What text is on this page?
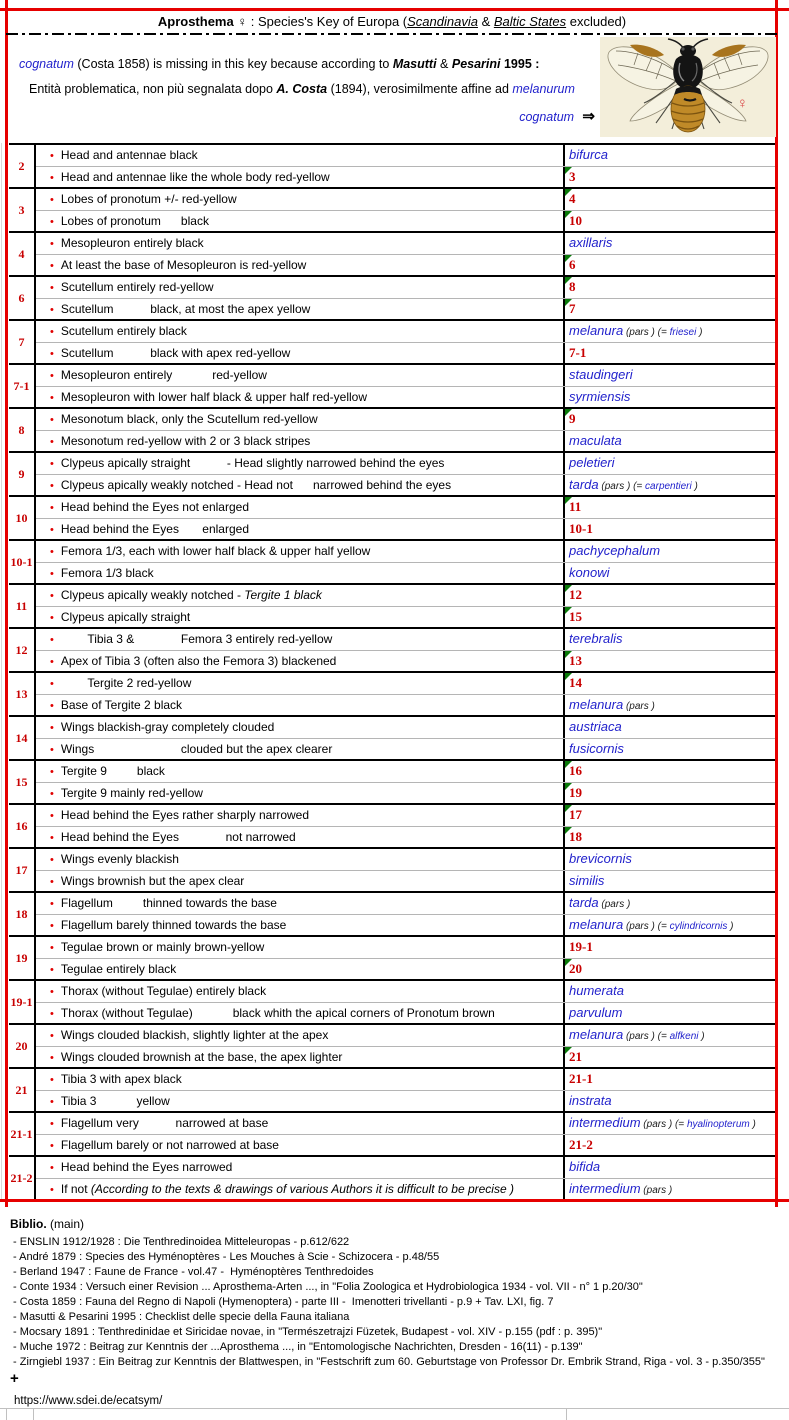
Aprosthema ♀ : Species's Key of Europa (Scandinavia & Baltic States excluded)
cognatum (Costa 1858) is missing in this key because according to Masutti & Pesarini 1995 :
Entità problematica, non più segnalata dopo A. Costa (1894), verosimilmente affine ad melanurum
cognatum  ⇒
♀
2
• Head and antennae black	bifurca
• Head and antennae like the whole body red-yellow	3
3
• Lobes of pronotum +/- red-yellow	4
• Lobes of pronotum      black	10
4
• Mesopleuron entirely black	axillaris
• At least the base of Mesopleuron is red-yellow	6
6
• Scutellum entirely red-yellow	8
• Scutellum           black, at most the apex yellow	7
7
• Scutellum entirely black	melanura (pars ) (= friesei )
• Scutellum           black with apex red-yellow	7-1
7-1
• Mesopleuron entirely            red-yellow	staudingeri
• Mesopleuron with lower half black & upper half red-yellow	syrmiensis
8
• Mesonotum black, only the Scutellum red-yellow	9
• Mesonotum red-yellow with 2 or 3 black stripes	maculata
9
• Clypeus apically straight           - Head slightly narrowed behind the eyes	peletieri
• Clypeus apically weakly notched - Head not      narrowed behind the eyes	tarda (pars ) (= carpentieri )
10
• Head behind the Eyes not enlarged	11
• Head behind the Eyes       enlarged	10-1
10-1
• Femora 1/3, each with lower half black & upper half yellow	pachycephalum
• Femora 1/3 black	konowi
11
• Clypeus apically weakly notched - Tergite 1 black	12
• Clypeus apically straight	15
12
•        Tibia 3 &              Femora 3 entirely red-yellow	terebralis
• Apex of Tibia 3 (often also the Femora 3) blackened	13
13
•        Tergite 2 red-yellow	14
• Base of Tergite 2 black	melanura (pars )
14
• Wings blackish-gray completely clouded	austriaca
• Wings                          clouded but the apex clearer	fusicornis
15
• Tergite 9         black	16
• Tergite 9 mainly red-yellow	19
16
• Head behind the Eyes rather sharply narrowed	17
• Head behind the Eyes              not narrowed	18
17
• Wings evenly blackish	brevicornis
• Wings brownish but the apex clear	similis
18
• Flagellum         thinned towards the base	tarda (pars )
• Flagellum barely thinned towards the base	melanura (pars ) (= cylindricornis )
19
• Tegulae brown or mainly brown-yellow	19-1
• Tegulae entirely black	20
19-1
• Thorax (without Tegulae) entirely black	humerata
• Thorax (without Tegulae)            black whith the apical corners of Pronotum brown	parvulum
20
• Wings clouded blackish, slightly lighter at the apex	melanura (pars ) (= alfkeni )
• Wings clouded brownish at the base, the apex lighter	21
21
• Tibia 3 with apex black	21-1
• Tibia 3            yellow	instrata
21-1
• Flagellum very           narrowed at base	intermedium (pars ) (= hyalinopterum )
• Flagellum barely or not narrowed at base	21-2
21-2
• Head behind the Eyes narrowed	bifida
• If not (According to the texts & drawings of various Authors it is difficult to be precise )	intermedium (pars )
Biblio. (main)
- ENSLIN 1912/1928 : Die Tenthredinoidea Mitteleuropas - p.612/622
- André 1879 : Species des Hyménoptères - Les Mouches à Scie - Schizocera - p.48/55
- Berland 1947 : Faune de France - vol.47 -  Hyménoptères Tenthredoides
- Conte 1934 : Versuch einer Revision ... Aprosthema-Arten ..., in "Folia Zoologica et Hydrobiologica 1934 - vol. VII - n° 1 p.20/30"
- Costa 1859 : Fauna del Regno di Napoli (Hymenoptera) - parte III -  Imenotteri trivellanti - p.9 + Tav. LXI, fig. 7
- Masutti & Pesarini 1995 : Checklist delle specie della Fauna italiana
- Mocsary 1891 : Tenthredinidae et Siricidae novae, in "Természetrajzi Füzetek, Budapest - vol. XIV - p.155 (pdf : p. 395)"
- Muche 1972 : Beitrag zur Kenntnis der ...Aprosthema ..., in "Entomologische Nachrichten, Dresden - 16(11) - p.139"
- Zirngiebl 1937 : Ein Beitrag zur Kenntnis der Blattwespen, in "Festschrift zum 60. Geburtstage von Professor Dr. Embrik Strand, Riga - vol. 3 - p.350/355"
+
https://www.sdei.de/ecatsym/
